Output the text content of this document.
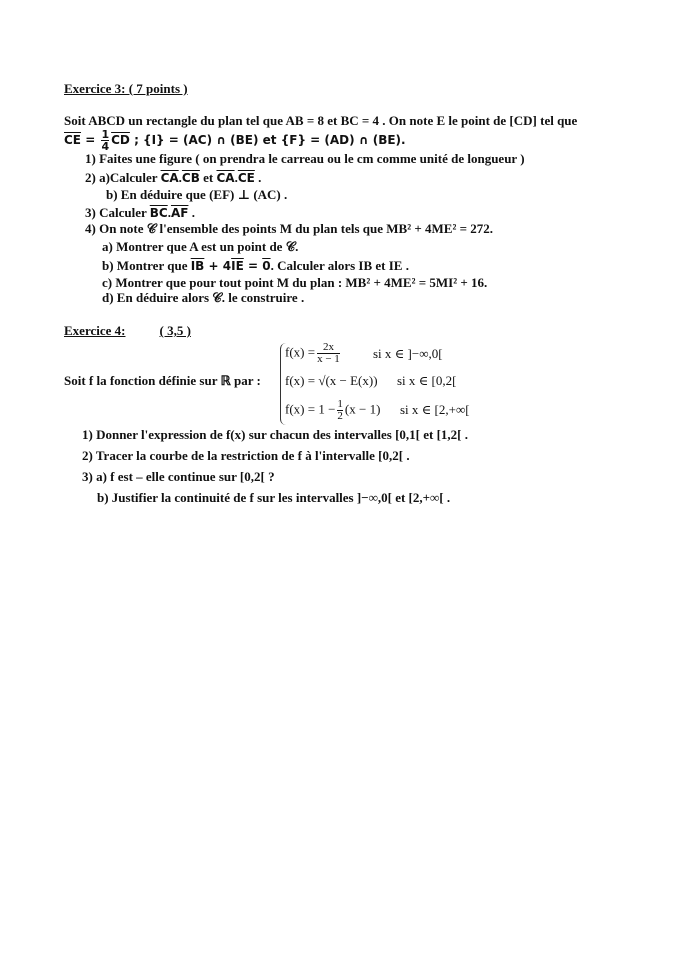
Exercice 3: ( 7 points )
Soit ABCD un rectangle du plan tel que AB = 8 et BC = 4 . On note E le point de [CD] tel que
$\overline{CE} = \frac{1}{4} \overline{CD}$ ; {I} = (AC) ∩ (BE) et {F} = (AD) ∩ (BE).
1) Faites une figure ( on prendra le carreau ou le cm comme unité de longueur )
2) a)Calculer $\overline{CA}.\overline{CB}$ et $\overline{CA}.\overline{CE}$ .
b) En déduire que (EF) ⊥ (AC) .
3) Calculer $\overline{BC}.\overline{AF}$ .
4) On note 𝒞 l'ensemble des points M du plan tels que MB² + 4ME² = 272.
a) Montrer que A est un point de 𝒞.
b) Montrer que $\overline{IB} + 4\overline{IE} = 0$. Calculer alors IB et IE .
c) Montrer que pour tout point M du plan : MB² + 4ME² = 5MI² + 16.
d) En déduire alors 𝒞. le construire .
Exercice 4:	( 3,5 )
Soit f la fonction définie sur ℝ par :
$f(x) = \frac{2x}{x - 1}$	si x ∈ ]−∞,0[
f(x) = √(x − E(x)) si x ∈ [0,2[
$f(x) = 1 - \frac{1}{2} (x - 1)$ si x ∈ [2,+∞[
1) Donner l'expression de f(x) sur chacun des intervalles [0,1[ et [1,2[ .
2) Tracer la courbe de la restriction de f à l'intervalle [0,2[ .
3) a) f est – elle continue sur [0,2[ ?
b) Justifier la continuité de f sur les intervalles ]−∞,0[ et [2,+∞[ .
